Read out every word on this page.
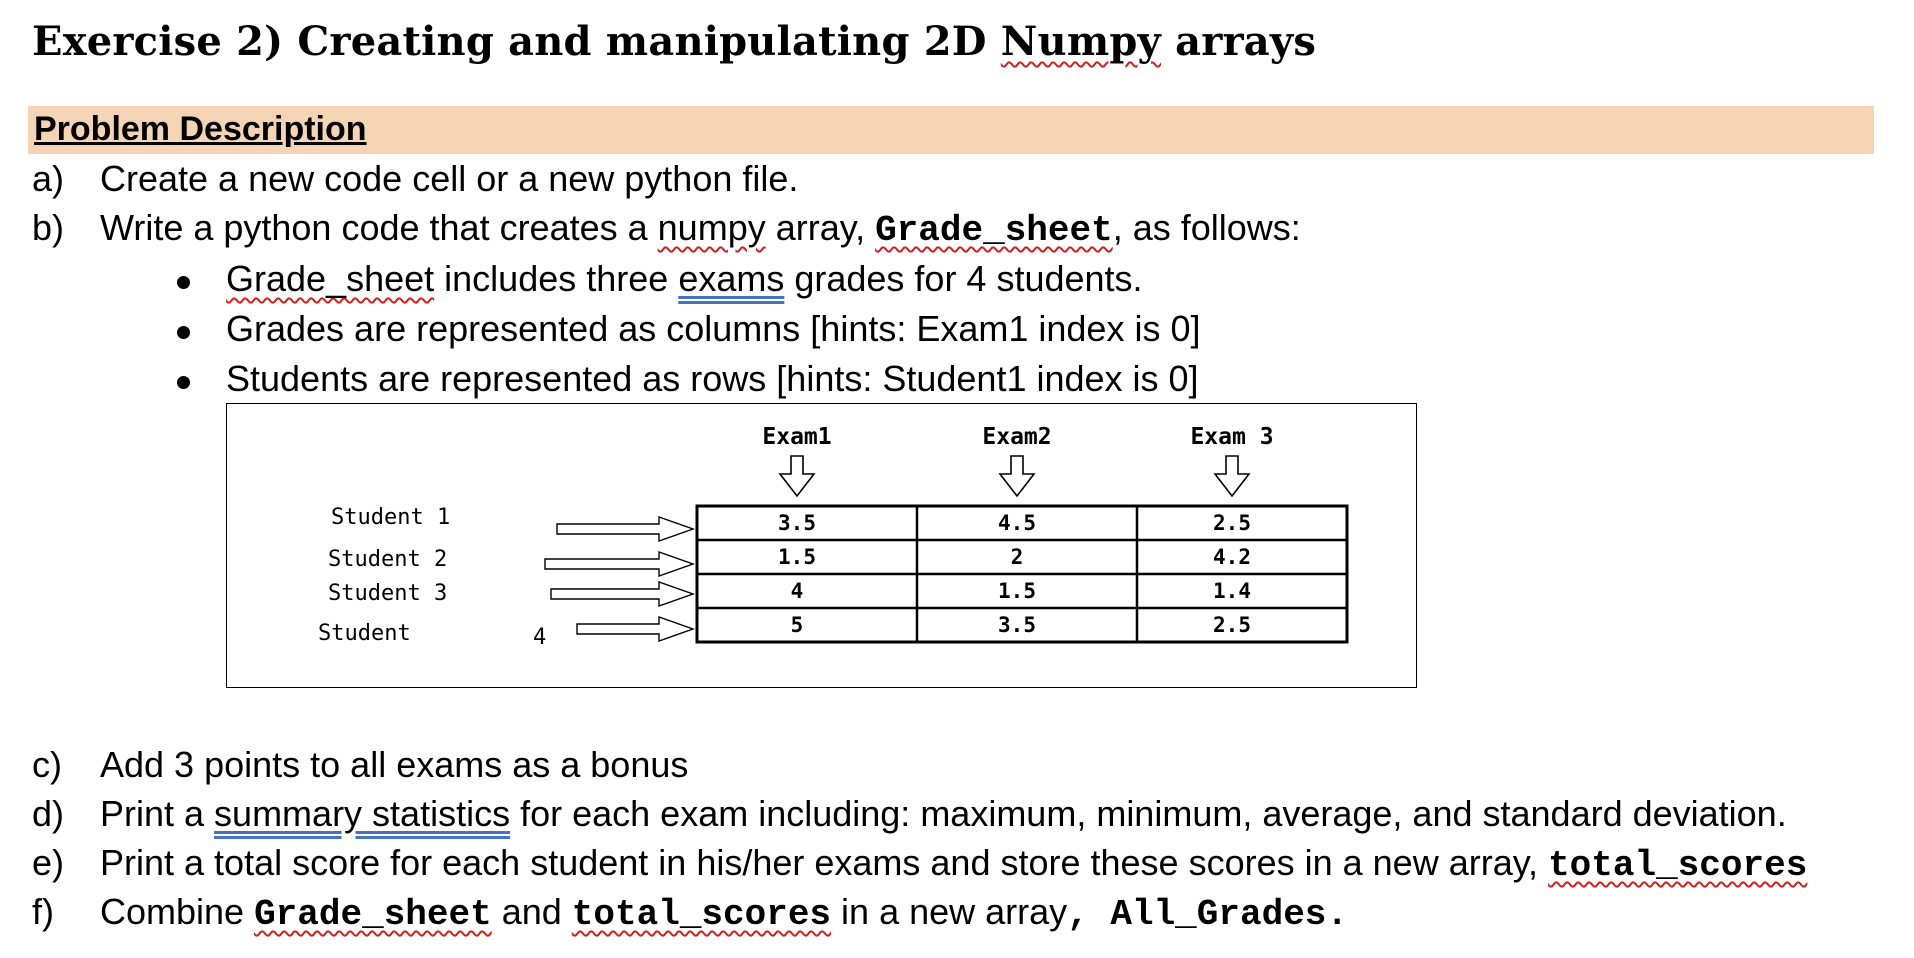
Exercise 2) Creating and manipulating 2D Numpy arrays
Problem Description
a) Create a new code cell or a new python file.
b) Write a python code that creates a numpy array, Grade_sheet, as follows:
Grade_sheet includes three exams grades for 4 students.
Grades are represented as columns [hints: Exam1 index is 0]
Students are represented as rows [hints: Student1 index is 0]
Exam1	Exam2	Exam 3
3.5	4.5	2.5
1.5	2	4.2
4	1.5	1.4
5	3.5	2.5
Student 1
Student 2
Student 3
Student	4
c) Add 3 points to all exams as a bonus
d) Print a summary statistics for each exam including: maximum, minimum, average, and standard deviation.
e) Print a total score for each student in his/her exams and store these scores in a new array, total_scores
f) Combine Grade_sheet and total_scores in a new array, All_Grades.
